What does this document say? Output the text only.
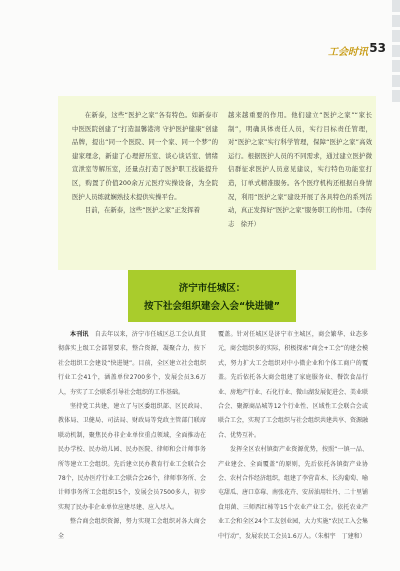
工会时讯 53

在新泰，这些“医护之家”各有特色。如新泰市中医医院创建了“打造温馨港湾 守护医护健康”创建品牌，提出“同一个医院、同一个家、同一个梦”的建家理念，新建了心理舒压室、谈心谈话室、情绪宣泄室等解压室，还量点打造了医护职工技能提升区，购置了价值200余万元医疗实操设备，为全院医护人员练就娴熟技术提供实操平台。

目前，在新泰，这些“医护之家”正发挥着

越来越重要的作用。他们建立“医护之家”“家长制”，明确具体责任人员，实行目标责任管理，对“医护之家”实行科学管理，保障“医护之家”高效运行。根据医护人员的不同需求，通过建立医护微信群征求医护人员意见建议，实行特色功能室打造，订单式精准服务。各个医疗机构还根据自身情况，利用“医护之家”建设开展了各具特色的系列活动，真正发挥好“医护之家”服务职工的作用。（李传志　徐开）

济宁市任城区：
按下社会组织建会入会“快进键”

本刊讯　 自去年以来，济宁市任城区总工会认真贯彻落实上级工会部署要求，整合资源，凝聚合力，按下社会组织工会建设“快进键”。目前，全区建立社会组织行业工会41个，涵盖单位2700多个，发展会员3.6万人，夯实了工会联系引导社会组织的工作基础。

坚持党工共建，建立了与区委组织部、区民政局、教体局、卫健局、司法局、财政局等党政主管部门联席联动机制，聚焦民办非企业单位重点领域，全面推动在民办学校、民办幼儿园、民办医院、律师和会计师事务所等建立工会组织。先后建立民办教育行业工会联合会78个，民办医疗行业工会联合会26个，律师事务所、会计师事务所工会组织15个，发展会员7500多人，初步实现了民办非企业单位应建尽建、应入尽入。

整合商会组织资源，努力实现工会组织对各大商会全

覆盖。针对任城区是济宁市主城区，商会繁华、业态多元，商会组织多的实际，积极探索“商会+工会”的建会模式，努力扩大工会组织对中小微企业和个体工商户的覆盖。先后依托各大商会组建了家庭服务业、餐饮食品行业、房地产行业、石化行业、微山湖发展促进会、美业联合会、聚源商品城等12个行业性、区域性工会联合会或联合工会，实现了工会组织与社会组织共建共享、资源融合、优势互补。

发挥全区农村镇街产业资源优势，按照“一镇一品、产业建会、全面覆盖”的原则，先后依托各镇街产业协会、农村合作经济组织，组建了李营苗木、长沟葡萄、喻屯甜瓜、唐口草莓、南张花卉、安居油用牡丹、二十里铺食用菌、三师西红柿等15个农业产业工会。依托农业产业工会和全区24个工友创业园，大力实施“农民工入会集中行动”，发展农民工会员1.6万人。（朱相宇　丁建和）
